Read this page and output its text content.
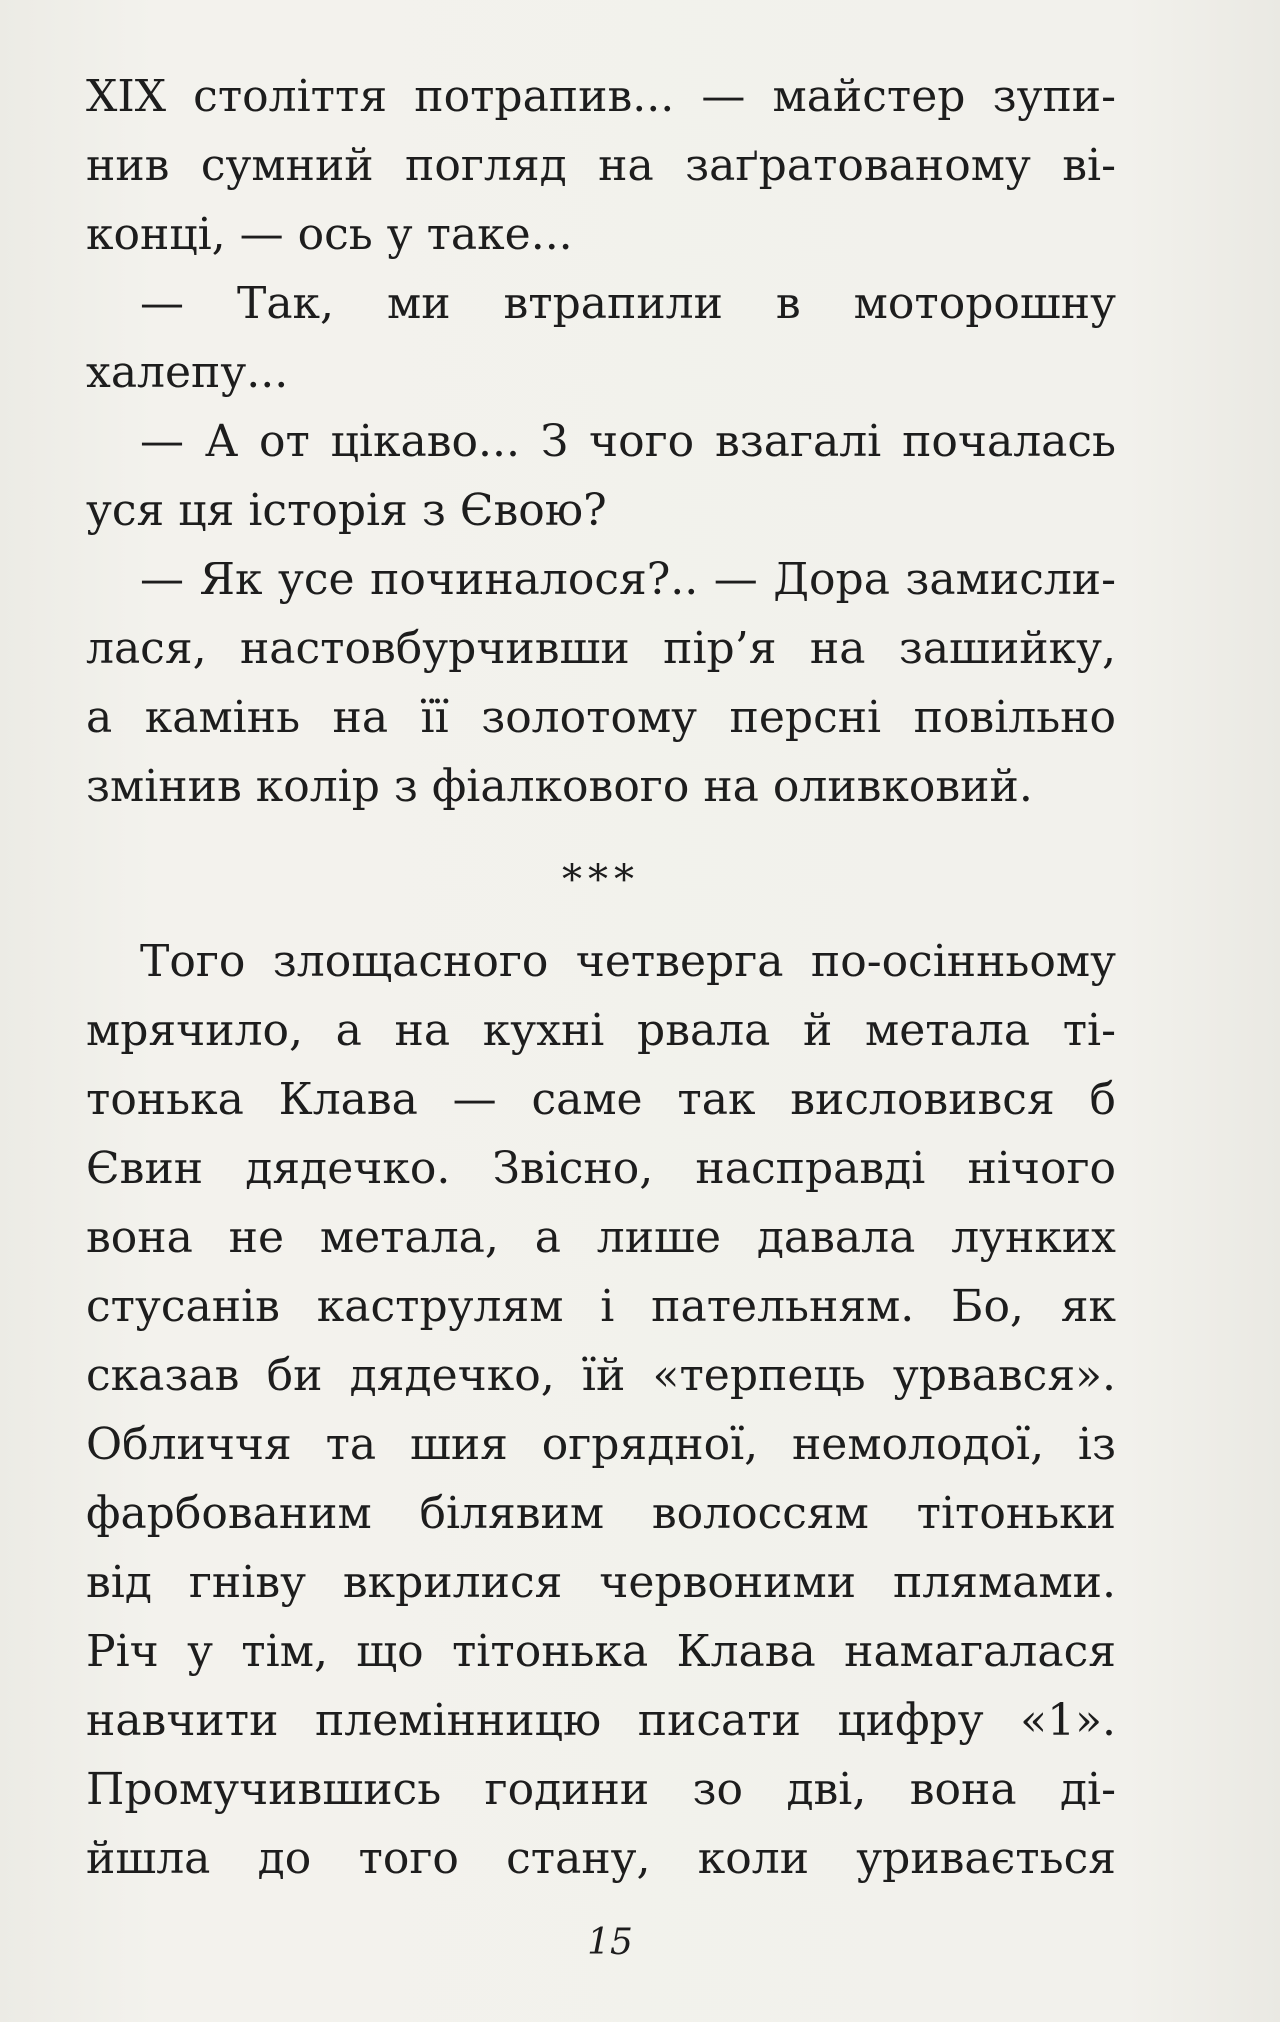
XIX століття потрапив... — майстер зупи-
нив сумний погляд на заґратованому ві-
конці, — ось у таке...

— Так, ми втрапили в моторошну
халепу...

— А от цікаво... З чого взагалі почалась
уся ця історія з Євою?

— Як усе починалося?.. — Дора замисли-
лася, настовбурчивши пір’я на зашийку,
а камінь на її золотому персні повільно
змінив колір з фіалкового на оливковий.

***

Того злощасного четверга по-осінньому
мрячило, а на кухні рвала й метала ті-
тонька Клава — саме так висловився б
Євин дядечко. Звісно, насправді нічого
вона не метала, а лише давала лунких
стусанів каструлям і пательням. Бо, як
сказав би дядечко, їй «терпець урвався».
Обличчя та шия огрядної, немолодої, із
фарбованим білявим волоссям тітоньки
від гніву вкрилися червоними плямами.
Річ у тім, що тітонька Клава намагалася
навчити племінницю писати цифру «1».
Промучившись години зо дві, вона ді-
йшла до того стану, коли уривається

15
